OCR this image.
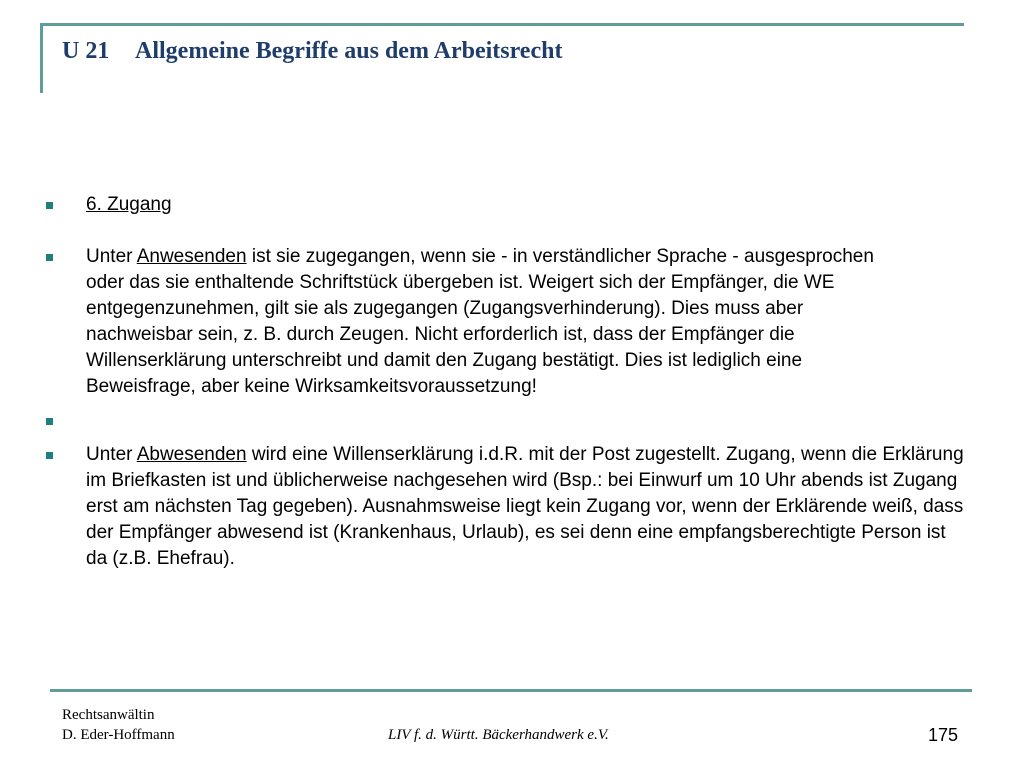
U 21 Allgemeine Begriffe aus dem Arbeitsrecht
6. Zugang
Unter Anwesenden ist sie zugegangen, wenn sie - in verständlicher Sprache - ausgesprochen oder das sie enthaltende Schriftstück übergeben ist. Weigert sich der Empfänger, die WE entgegenzunehmen, gilt sie als zugegangen (Zugangsverhinderung). Dies muss aber nachweisbar sein, z. B. durch Zeugen. Nicht erforderlich ist, dass der Empfänger die Willenserklärung unterschreibt und damit den Zugang bestätigt. Dies ist lediglich eine Beweisfrage, aber keine Wirksamkeitsvoraussetzung!
Unter Abwesenden wird eine Willenserklärung i.d.R. mit der Post zugestellt. Zugang, wenn die Erklärung im Briefkasten ist und üblicherweise nachgesehen wird (Bsp.: bei Einwurf um 10 Uhr abends ist Zugang erst am nächsten Tag gegeben). Ausnahmsweise liegt kein Zugang vor, wenn der Erklärende weiß, dass der Empfänger abwesend ist (Krankenhaus, Urlaub), es sei denn eine empfangsberechtigte Person ist da (z.B. Ehefrau).
Rechtsanwältin
D. Eder-Hoffmann	LIV f. d. Württ. Bäckerhandwerk e.V.	175
